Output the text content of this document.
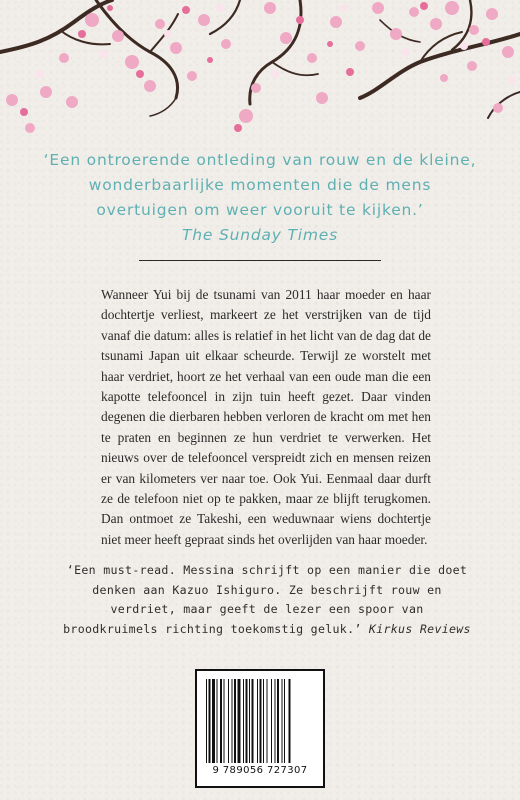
‘Een ontroerende ontleding van rouw en de kleine, wonderbaarlijke momenten die de mens overtuigen om weer vooruit te kijken.’
The Sunday Times

Wanneer Yui bij de tsunami van 2011 haar moeder en haar dochtertje verliest, markeert ze het verstrijken van de tijd vanaf die datum: alles is relatief in het licht van de dag dat de tsunami Japan uit elkaar scheurde. Terwijl ze worstelt met haar verdriet, hoort ze het verhaal van een oude man die een kapotte telefooncel in zijn tuin heeft gezet. Daar vinden degenen die dierbaren hebben verloren de kracht om met hen te praten en beginnen ze hun verdriet te verwerken. Het nieuws over de telefooncel verspreidt zich en mensen reizen er van kilometers ver naar toe. Ook Yui. Eenmaal daar durft ze de telefoon niet op te pakken, maar ze blijft terugkomen. Dan ontmoet ze Takeshi, een weduwnaar wiens dochtertje niet meer heeft gepraat sinds het overlijden van haar moeder.

‘Een must-read. Messina schrijft op een manier die doet denken aan Kazuo Ishiguro. Ze beschrijft rouw en verdriet, maar geeft de lezer een spoor van broodkruimels richting toekomstig geluk.’ Kirkus Reviews
9 789056 727307
